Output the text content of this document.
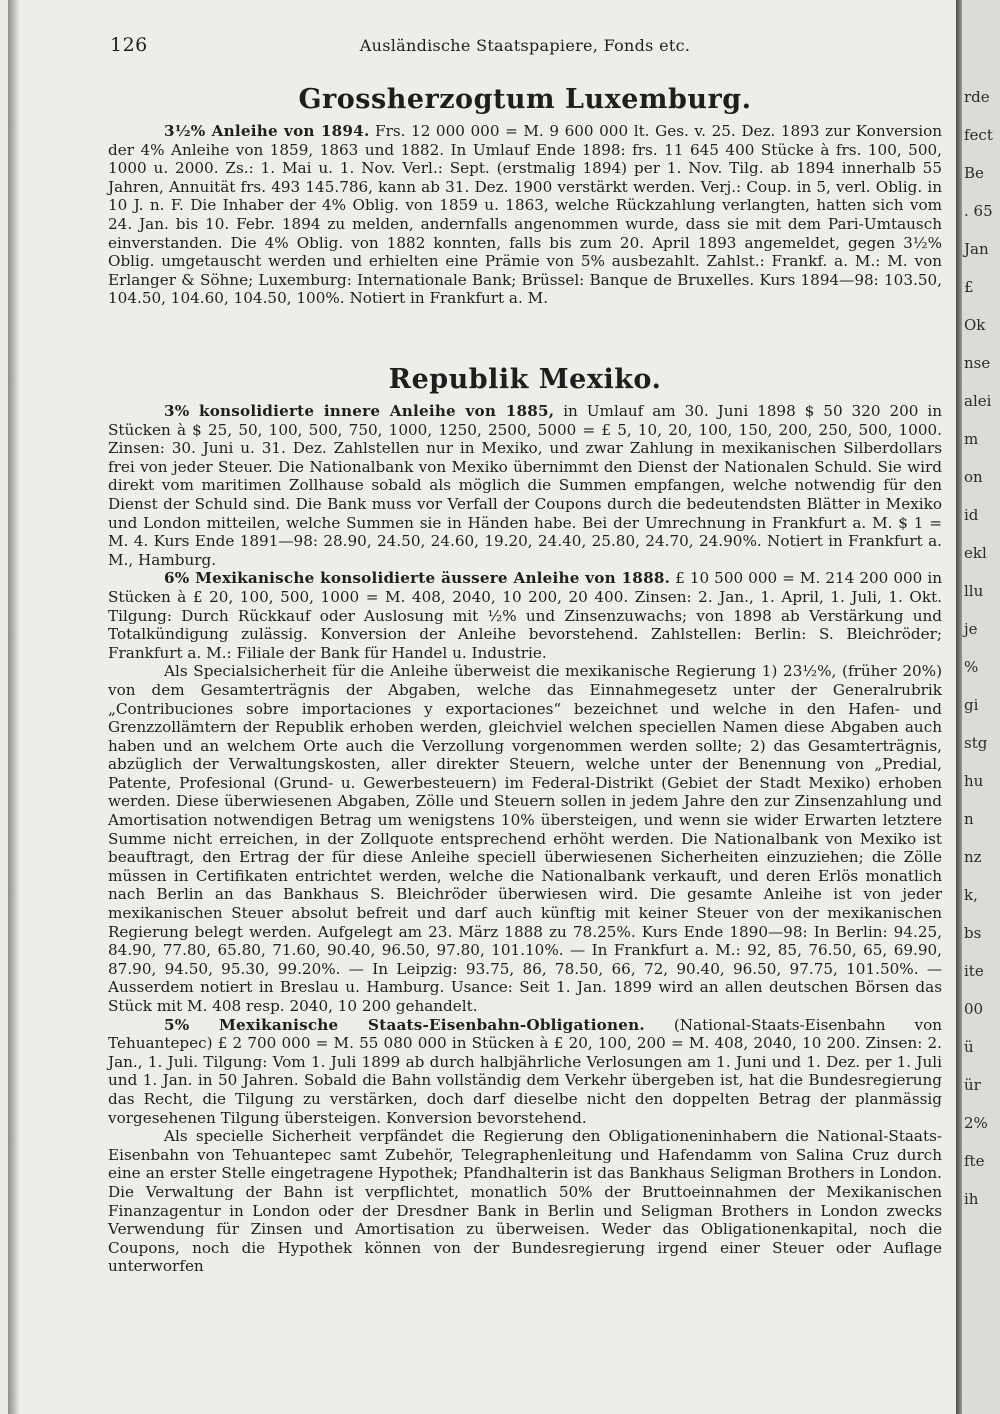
126	Ausländische Staatspapiere, Fonds etc.
Grossherzogtum Luxemburg.

3½% Anleihe von 1894. Frs. 12 000 000 = M. 9 600 000 lt. Ges. v. 25. Dez. 1893 zur Konversion der 4% Anleihe von 1859, 1863 und 1882. In Umlauf Ende 1898: frs. 11 645 400 Stücke à frs. 100, 500, 1000 u. 2000. Zs.: 1. Mai u. 1. Nov. Verl.: Sept. (erstmalig 1894) per 1. Nov. Tilg. ab 1894 innerhalb 55 Jahren, Annuität frs. 493 145.786, kann ab 31. Dez. 1900 verstärkt werden. Verj.: Coup. in 5, verl. Oblig. in 10 J. n. F. Die Inhaber der 4% Oblig. von 1859 u. 1863, welche Rückzahlung verlangten, hatten sich vom 24. Jan. bis 10. Febr. 1894 zu melden, andernfalls angenommen wurde, dass sie mit dem Pari-Umtausch einverstanden. Die 4% Oblig. von 1882 konnten, falls bis zum 20. April 1893 angemeldet, gegen 3½% Oblig. umgetauscht werden und erhielten eine Prämie von 5% ausbezahlt. Zahlst.: Frankf. a. M.: M. von Erlanger & Söhne; Luxemburg: Internationale Bank; Brüssel: Banque de Bruxelles. Kurs 1894—98: 103.50, 104.50, 104.60, 104.50, 100%. Notiert in Frankfurt a. M.

Republik Mexiko.

3% konsolidierte innere Anleihe von 1885, in Umlauf am 30. Juni 1898 $ 50 320 200 in Stücken à $ 25, 50, 100, 500, 750, 1000, 1250, 2500, 5000 = £ 5, 10, 20, 100, 150, 200, 250, 500, 1000. Zinsen: 30. Juni u. 31. Dez. Zahlstellen nur in Mexiko, und zwar Zahlung in mexikanischen Silberdollars frei von jeder Steuer. Die Nationalbank von Mexiko übernimmt den Dienst der Nationalen Schuld. Sie wird direkt vom maritimen Zollhause sobald als möglich die Summen empfangen, welche notwendig für den Dienst der Schuld sind. Die Bank muss vor Verfall der Coupons durch die bedeutendsten Blätter in Mexiko und London mitteilen, welche Summen sie in Händen habe. Bei der Umrechnung in Frankfurt a. M. $ 1 = M. 4. Kurs Ende 1891—98: 28.90, 24.50, 24.60, 19.20, 24.40, 25.80, 24.70, 24.90%. Notiert in Frankfurt a. M., Hamburg.

6% Mexikanische konsolidierte äussere Anleihe von 1888. £ 10 500 000 = M. 214 200 000 in Stücken à £ 20, 100, 500, 1000 = M. 408, 2040, 10 200, 20 400. Zinsen: 2. Jan., 1. April, 1. Juli, 1. Okt. Tilgung: Durch Rückkauf oder Auslosung mit ½% und Zinsenzuwachs; von 1898 ab Verstärkung und Totalkündigung zulässig. Konversion der Anleihe bevorstehend. Zahlstellen: Berlin: S. Bleichröder; Frankfurt a. M.: Filiale der Bank für Handel u. Industrie.

Als Specialsicherheit für die Anleihe überweist die mexikanische Regierung 1) 23½%, (früher 20%) von dem Gesamterträgnis der Abgaben, welche das Einnahmegesetz unter der Generalrubrik „Contribuciones sobre importaciones y exportaciones“ bezeichnet und welche in den Hafen- und Grenzzollämtern der Republik erhoben werden, gleichviel welchen speciellen Namen diese Abgaben auch haben und an welchem Orte auch die Verzollung vorgenommen werden sollte; 2) das Gesamterträgnis, abzüglich der Verwaltungskosten, aller direkter Steuern, welche unter der Benennung von „Predial, Patente, Profesional (Grund- u. Gewerbesteuern) im Federal-Distrikt (Gebiet der Stadt Mexiko) erhoben werden. Diese überwiesenen Abgaben, Zölle und Steuern sollen in jedem Jahre den zur Zinsenzahlung und Amortisation notwendigen Betrag um wenigstens 10% übersteigen, und wenn sie wider Erwarten letztere Summe nicht erreichen, in der Zollquote entsprechend erhöht werden. Die Nationalbank von Mexiko ist beauftragt, den Ertrag der für diese Anleihe speciell überwiesenen Sicherheiten einzuziehen; die Zölle müssen in Certifikaten entrichtet werden, welche die Nationalbank verkauft, und deren Erlös monatlich nach Berlin an das Bankhaus S. Bleichröder überwiesen wird. Die gesamte Anleihe ist von jeder mexikanischen Steuer absolut befreit und darf auch künftig mit keiner Steuer von der mexikanischen Regierung belegt werden. Aufgelegt am 23. März 1888 zu 78.25%. Kurs Ende 1890—98: In Berlin: 94.25, 84.90, 77.80, 65.80, 71.60, 90.40, 96.50, 97.80, 101.10%. — In Frankfurt a. M.: 92, 85, 76.50, 65, 69.90, 87.90, 94.50, 95.30, 99.20%. — In Leipzig: 93.75, 86, 78.50, 66, 72, 90.40, 96.50, 97.75, 101.50%. — Ausserdem notiert in Breslau u. Hamburg. Usance: Seit 1. Jan. 1899 wird an allen deutschen Börsen das Stück mit M. 408 resp. 2040, 10 200 gehandelt.

5% Mexikanische Staats-Eisenbahn-Obligationen. (National-Staats-Eisenbahn von Tehuantepec) £ 2 700 000 = M. 55 080 000 in Stücken à £ 20, 100, 200 = M. 408, 2040, 10 200. Zinsen: 2. Jan., 1. Juli. Tilgung: Vom 1. Juli 1899 ab durch halbjährliche Verlosungen am 1. Juni und 1. Dez. per 1. Juli und 1. Jan. in 50 Jahren. Sobald die Bahn vollständig dem Verkehr übergeben ist, hat die Bundesregierung das Recht, die Tilgung zu verstärken, doch darf dieselbe nicht den doppelten Betrag der planmässig vorgesehenen Tilgung übersteigen. Konversion bevorstehend.

Als specielle Sicherheit verpfändet die Regierung den Obligationeninhabern die National-Staats-Eisenbahn von Tehuantepec samt Zubehör, Telegraphenleitung und Hafendamm von Salina Cruz durch eine an erster Stelle eingetragene Hypothek; Pfandhalterin ist das Bankhaus Seligman Brothers in London. Die Verwaltung der Bahn ist verpflichtet, monatlich 50% der Bruttoeinnahmen der Mexikanischen Finanzagentur in London oder der Dresdner Bank in Berlin und Seligman Brothers in London zwecks Verwendung für Zinsen und Amortisation zu überweisen. Weder das Obligationenkapital, noch die Coupons, noch die Hypothek können von der Bundesregierung irgend einer Steuer oder Auflage unterworfen

rde
fect
Be
. 65
Jan
£
Ok
nse
alei
m
on
id
ekl
llu
je
%
gi
stg
hu
n
nz
k,
bs
ite
00
ü
ür
2%
fte
ih
